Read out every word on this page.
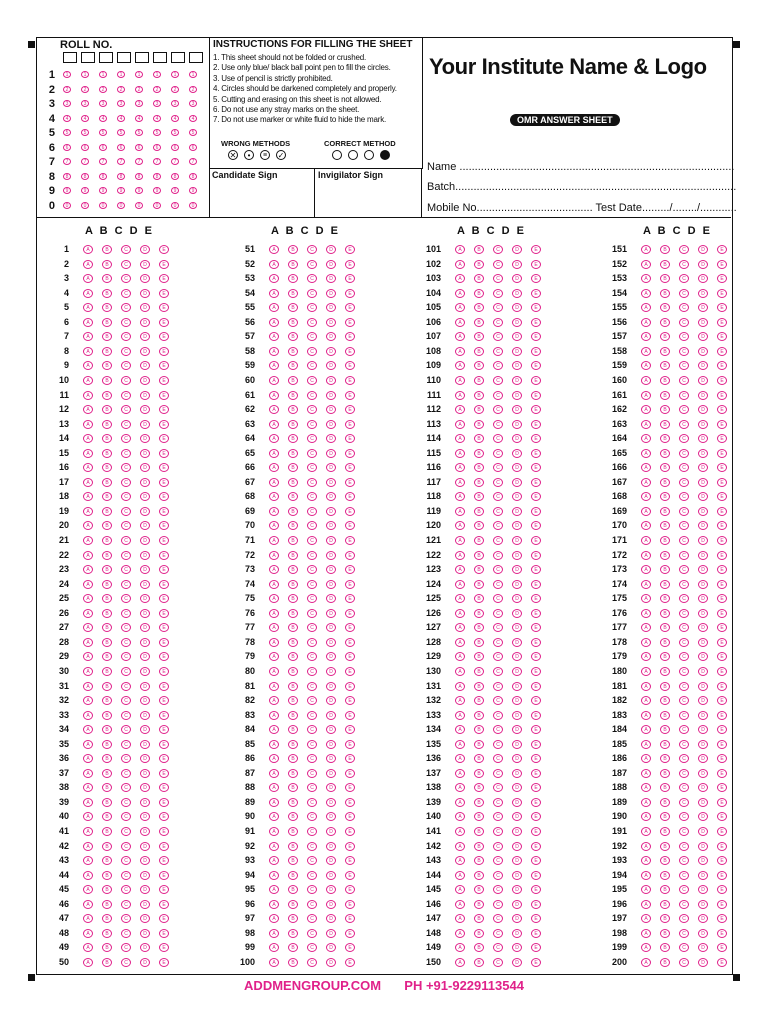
ROLL NO.
1	1	1	1	1	1	1	1	1
2	2	2	2	2	2	2	2	2
3	3	3	3	3	3	3	3	3
4	4	4	4	4	4	4	4	4
5	5	5	5	5	5	5	5	5
6	6	6	6	6	6	6	6	6
7	7	7	7	7	7	7	7	7
8	8	8	8	8	8	8	8	8
9	9	9	9	9	9	9	9	9
0	0	0	0	0	0	0	0	0
INSTRUCTIONS FOR FILLING THE SHEET
1. This sheet should not be folded or crushed.
2. Use only blue/ black ball point pen to fill the circles.
3. Use of pencil is strictly prohibited.
4. Circles should be darkened completely and properly.
5. Cutting and erasing on this sheet is not allowed.
6. Do not use any stray marks on the sheet.
7. Do not use marker or white fluid to hide the mark.
WRONG METHODS	CORRECT METHOD
✕	•	≡	✓
Candidate Sign	Invigilator Sign
Your Institute Name & Logo
OMR ANSWER SHEET
Name ..........................................................................................
Batch............................................................................................
Mobile No...................................... Test Date........./......../............
A B C D E
1	A	B	C	D	E
2	A	B	C	D	E
3	A	B	C	D	E
4	A	B	C	D	E
5	A	B	C	D	E
6	A	B	C	D	E
7	A	B	C	D	E
8	A	B	C	D	E
9	A	B	C	D	E
10	A	B	C	D	E
11	A	B	C	D	E
12	A	B	C	D	E
13	A	B	C	D	E
14	A	B	C	D	E
15	A	B	C	D	E
16	A	B	C	D	E
17	A	B	C	D	E
18	A	B	C	D	E
19	A	B	C	D	E
20	A	B	C	D	E
21	A	B	C	D	E
22	A	B	C	D	E
23	A	B	C	D	E
24	A	B	C	D	E
25	A	B	C	D	E
26	A	B	C	D	E
27	A	B	C	D	E
28	A	B	C	D	E
29	A	B	C	D	E
30	A	B	C	D	E
31	A	B	C	D	E
32	A	B	C	D	E
33	A	B	C	D	E
34	A	B	C	D	E
35	A	B	C	D	E
36	A	B	C	D	E
37	A	B	C	D	E
38	A	B	C	D	E
39	A	B	C	D	E
40	A	B	C	D	E
41	A	B	C	D	E
42	A	B	C	D	E
43	A	B	C	D	E
44	A	B	C	D	E
45	A	B	C	D	E
46	A	B	C	D	E
47	A	B	C	D	E
48	A	B	C	D	E
49	A	B	C	D	E
50	A	B	C	D	E
A B C D E
51	A	B	C	D	E
52	A	B	C	D	E
53	A	B	C	D	E
54	A	B	C	D	E
55	A	B	C	D	E
56	A	B	C	D	E
57	A	B	C	D	E
58	A	B	C	D	E
59	A	B	C	D	E
60	A	B	C	D	E
61	A	B	C	D	E
62	A	B	C	D	E
63	A	B	C	D	E
64	A	B	C	D	E
65	A	B	C	D	E
66	A	B	C	D	E
67	A	B	C	D	E
68	A	B	C	D	E
69	A	B	C	D	E
70	A	B	C	D	E
71	A	B	C	D	E
72	A	B	C	D	E
73	A	B	C	D	E
74	A	B	C	D	E
75	A	B	C	D	E
76	A	B	C	D	E
77	A	B	C	D	E
78	A	B	C	D	E
79	A	B	C	D	E
80	A	B	C	D	E
81	A	B	C	D	E
82	A	B	C	D	E
83	A	B	C	D	E
84	A	B	C	D	E
85	A	B	C	D	E
86	A	B	C	D	E
87	A	B	C	D	E
88	A	B	C	D	E
89	A	B	C	D	E
90	A	B	C	D	E
91	A	B	C	D	E
92	A	B	C	D	E
93	A	B	C	D	E
94	A	B	C	D	E
95	A	B	C	D	E
96	A	B	C	D	E
97	A	B	C	D	E
98	A	B	C	D	E
99	A	B	C	D	E
100	A	B	C	D	E
A B C D E
101	A	B	C	D	E
102	A	B	C	D	E
103	A	B	C	D	E
104	A	B	C	D	E
105	A	B	C	D	E
106	A	B	C	D	E
107	A	B	C	D	E
108	A	B	C	D	E
109	A	B	C	D	E
110	A	B	C	D	E
111	A	B	C	D	E
112	A	B	C	D	E
113	A	B	C	D	E
114	A	B	C	D	E
115	A	B	C	D	E
116	A	B	C	D	E
117	A	B	C	D	E
118	A	B	C	D	E
119	A	B	C	D	E
120	A	B	C	D	E
121	A	B	C	D	E
122	A	B	C	D	E
123	A	B	C	D	E
124	A	B	C	D	E
125	A	B	C	D	E
126	A	B	C	D	E
127	A	B	C	D	E
128	A	B	C	D	E
129	A	B	C	D	E
130	A	B	C	D	E
131	A	B	C	D	E
132	A	B	C	D	E
133	A	B	C	D	E
134	A	B	C	D	E
135	A	B	C	D	E
136	A	B	C	D	E
137	A	B	C	D	E
138	A	B	C	D	E
139	A	B	C	D	E
140	A	B	C	D	E
141	A	B	C	D	E
142	A	B	C	D	E
143	A	B	C	D	E
144	A	B	C	D	E
145	A	B	C	D	E
146	A	B	C	D	E
147	A	B	C	D	E
148	A	B	C	D	E
149	A	B	C	D	E
150	A	B	C	D	E
A B C D E
151	A	B	C	D	E
152	A	B	C	D	E
153	A	B	C	D	E
154	A	B	C	D	E
155	A	B	C	D	E
156	A	B	C	D	E
157	A	B	C	D	E
158	A	B	C	D	E
159	A	B	C	D	E
160	A	B	C	D	E
161	A	B	C	D	E
162	A	B	C	D	E
163	A	B	C	D	E
164	A	B	C	D	E
165	A	B	C	D	E
166	A	B	C	D	E
167	A	B	C	D	E
168	A	B	C	D	E
169	A	B	C	D	E
170	A	B	C	D	E
171	A	B	C	D	E
172	A	B	C	D	E
173	A	B	C	D	E
174	A	B	C	D	E
175	A	B	C	D	E
176	A	B	C	D	E
177	A	B	C	D	E
178	A	B	C	D	E
179	A	B	C	D	E
180	A	B	C	D	E
181	A	B	C	D	E
182	A	B	C	D	E
183	A	B	C	D	E
184	A	B	C	D	E
185	A	B	C	D	E
186	A	B	C	D	E
187	A	B	C	D	E
188	A	B	C	D	E
189	A	B	C	D	E
190	A	B	C	D	E
191	A	B	C	D	E
192	A	B	C	D	E
193	A	B	C	D	E
194	A	B	C	D	E
195	A	B	C	D	E
196	A	B	C	D	E
197	A	B	C	D	E
198	A	B	C	D	E
199	A	B	C	D	E
200	A	B	C	D	E
ADDMENGROUP.COM PH +91-9229113544
